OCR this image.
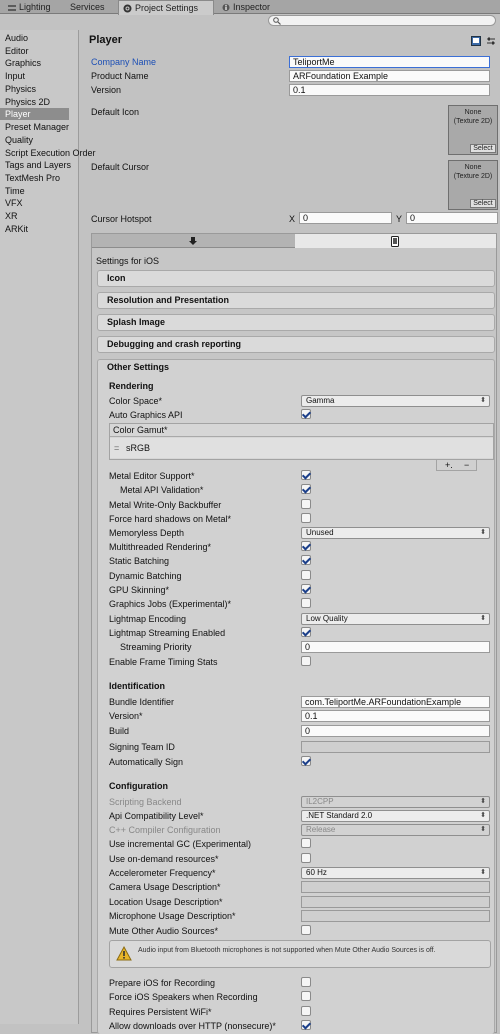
Lighting	Services	Project Settings	Inspector
Audio
Editor
Graphics
Input
Physics
Physics 2D
Player
Preset Manager
Quality
Script Execution Order
Tags and Layers
TextMesh Pro
Time
VFX
XR
ARKit
Player
Company Name	TeliportMe
Product Name	ARFoundation Example
Version	0.1
Default Icon	None
(Texture 2D)
Select
Default Cursor	None
(Texture 2D)
Select
Cursor Hotspot	X 0	Y 0
Settings for iOS
Icon
Resolution and Presentation
Splash Image
Debugging and crash reporting
Other Settings
Rendering
Color Space*	Gamma ⬍
Auto Graphics API
Color Gamut*
= sRGB
+. −
Metal Editor Support*
Metal API Validation*
Metal Write-Only Backbuffer
Force hard shadows on Metal*
Memoryless Depth	Unused ⬍
Multithreaded Rendering*
Static Batching
Dynamic Batching
GPU Skinning*
Graphics Jobs (Experimental)*
Lightmap Encoding	Low Quality ⬍
Lightmap Streaming Enabled
Streaming Priority	0
Enable Frame Timing Stats
Identification
Bundle Identifier	com.TeliportMe.ARFoundationExample
Version*	0.1
Build	0
Signing Team ID
Automatically Sign
Configuration
Scripting Backend	IL2CPP ⬍
Api Compatibility Level*	.NET Standard 2.0 ⬍
C++ Compiler Configuration	Release ⬍
Use incremental GC (Experimental)
Use on-demand resources*
Accelerometer Frequency*	60 Hz ⬍
Camera Usage Description*
Location Usage Description*
Microphone Usage Description*
Mute Other Audio Sources*
Audio input from Bluetooth microphones is not supported when Mute Other Audio Sources is off.
Prepare iOS for Recording
Force iOS Speakers when Recording
Requires Persistent WiFi*
Allow downloads over HTTP (nonsecure)*
